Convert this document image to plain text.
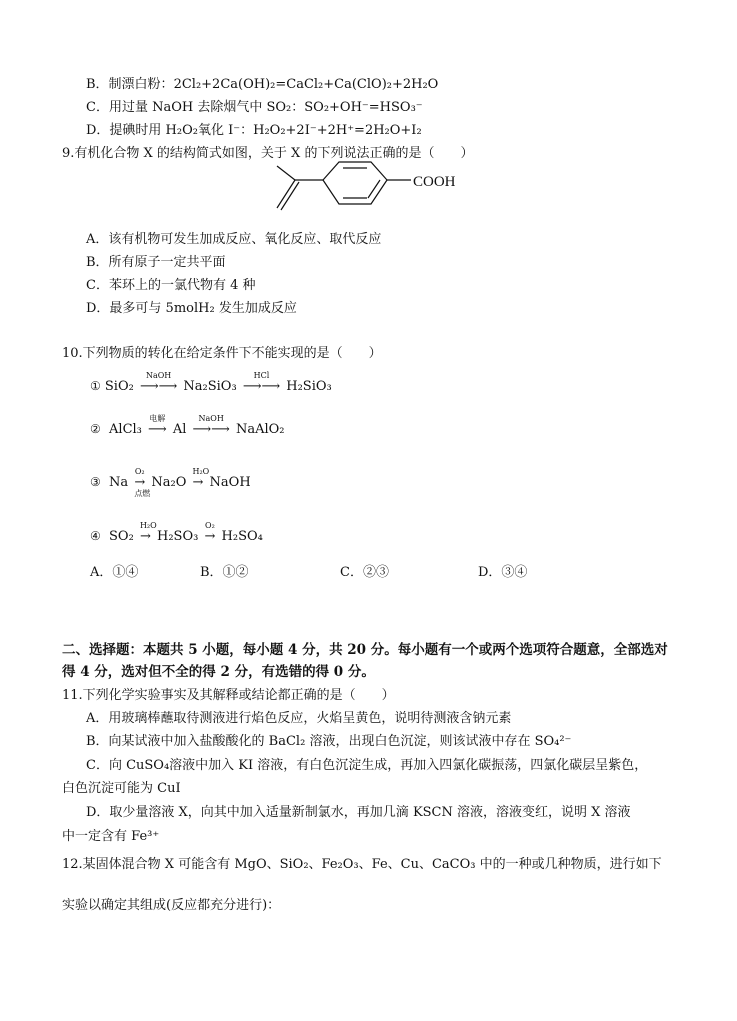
B．制漂白粉：2Cl₂+2Ca(OH)₂=CaCl₂+Ca(ClO)₂+2H₂O
C．用过量 NaOH 去除烟气中 SO₂：SO₂+OH⁻=HSO₃⁻
D．提碘时用 H₂O₂氧化 I⁻：H₂O₂+2I⁻+2H⁺=2H₂O+I₂
9.有机化合物 X 的结构简式如图，关于 X 的下列说法正确的是（　　）
COOH
A．该有机物可发生加成反应、氧化反应、取代反应
B．所有原子一定共平面
C．苯环上的一氯代物有 4 种
D．最多可与 5molH₂ 发生加成反应
10.下列物质的转化在给定条件下不能实现的是（　　）
① SiO₂
NaOH
⟶⟶ Na₂SiO₃
HCl
⟶⟶ H₂SiO₃
② AlCl₃
电解
⟶ Al
NaOH
⟶⟶ NaAlO₂
③ Na
O₂
→
点燃
Na₂O
H₂O
→ NaOH
④ SO₂
H₂O
→ H₂SO₃
O₂
→ H₂SO₄
A．①④	B．①②	C．②③	D．③④
二、选择题：本题共 5 小题，每小题 4 分，共 20 分。每小题有一个或两个选项符合题意，全部选对
得 4 分，选对但不全的得 2 分，有选错的得 0 分。
11.下列化学实验事实及其解释或结论都正确的是（　　）
A．用玻璃棒蘸取待测液进行焰色反应，火焰呈黄色，说明待测液含钠元素
B．向某试液中加入盐酸酸化的 BaCl₂ 溶液，出现白色沉淀，则该试液中存在 SO₄²⁻
C．向 CuSO₄溶液中加入 KI 溶液，有白色沉淀生成，再加入四氯化碳振荡，四氯化碳层呈紫色，
白色沉淀可能为 CuI
D．取少量溶液 X，向其中加入适量新制氯水，再加几滴 KSCN 溶液，溶液变红，说明 X 溶液
中一定含有 Fe³⁺
12.某固体混合物 X 可能含有 MgO、SiO₂、Fe₂O₃、Fe、Cu、CaCO₃ 中的一种或几种物质，进行如下
实验以确定其组成(反应都充分进行)：
